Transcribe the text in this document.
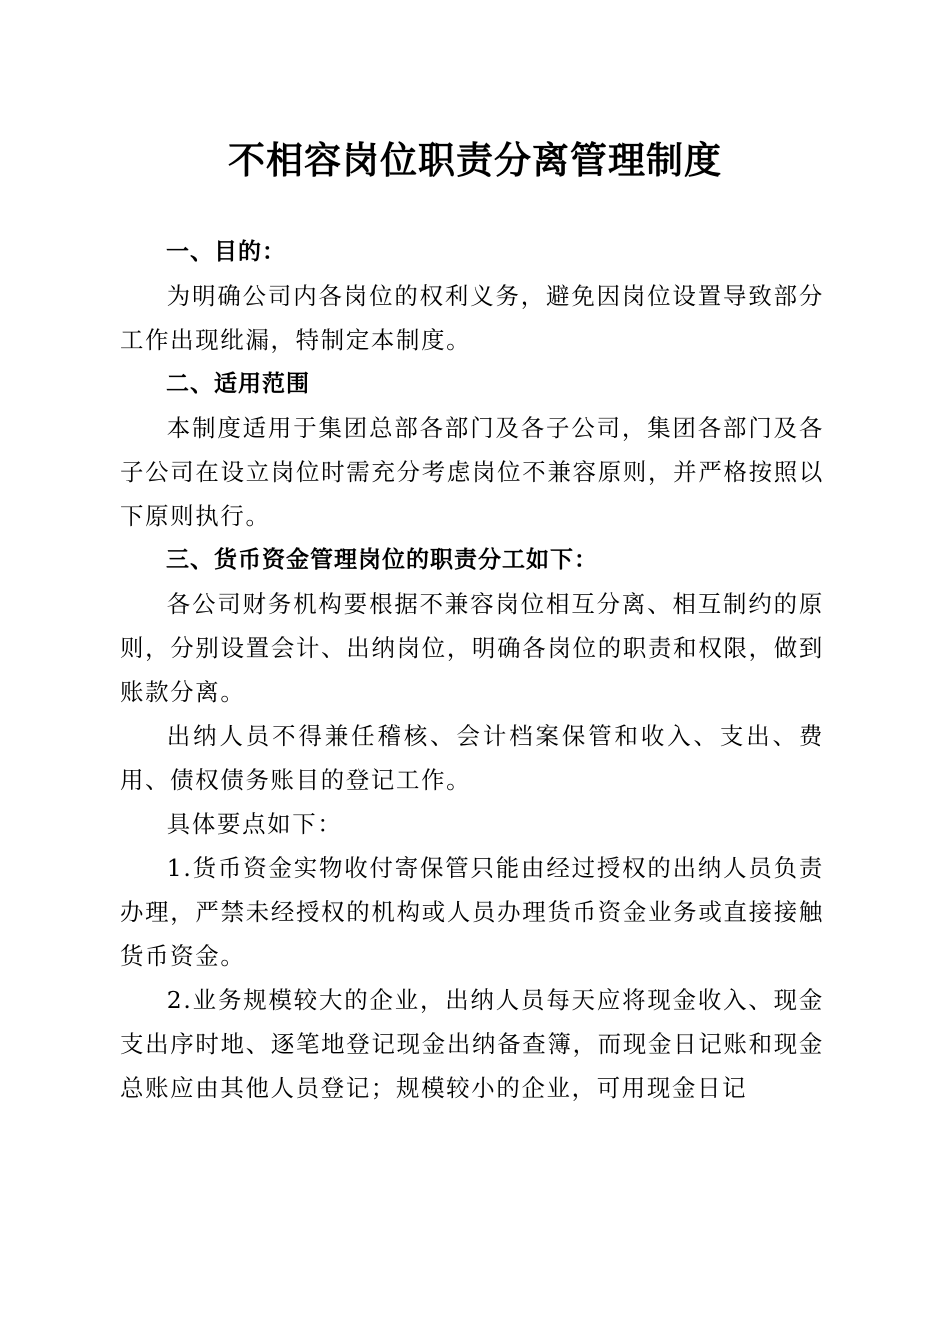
不相容岗位职责分离管理制度
一、目的：

为明确公司内各岗位的权利义务，避免因岗位设置导致部分工作出现纰漏，特制定本制度。

二、适用范围

本制度适用于集团总部各部门及各子公司，集团各部门及各子公司在设立岗位时需充分考虑岗位不兼容原则，并严格按照以下原则执行。

三、货币资金管理岗位的职责分工如下：

各公司财务机构要根据不兼容岗位相互分离、相互制约的原则，分别设置会计、出纳岗位，明确各岗位的职责和权限，做到账款分离。

出纳人员不得兼任稽核、会计档案保管和收入、支出、费用、债权债务账目的登记工作。

具体要点如下：

1.货币资金实物收付寄保管只能由经过授权的出纳人员负责办理，严禁未经授权的机构或人员办理货币资金业务或直接接触货币资金。

2.业务规模较大的企业，出纳人员每天应将现金收入、现金支出序时地、逐笔地登记现金出纳备查簿，而现金日记账和现金总账应由其他人员登记；规模较小的企业，可用现金日记
